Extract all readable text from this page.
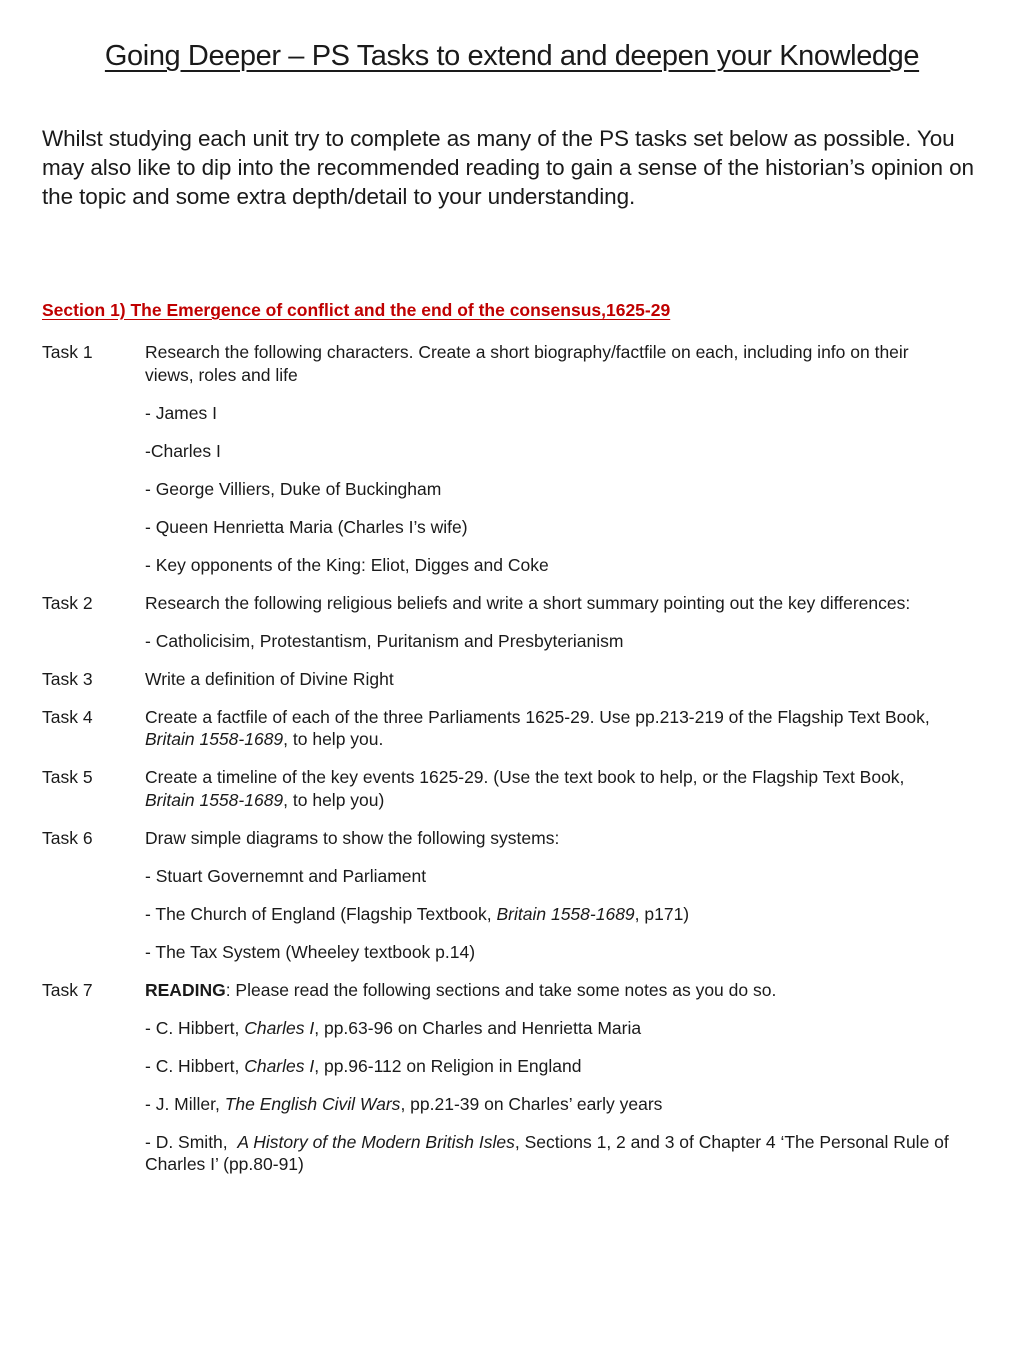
Going Deeper – PS Tasks to extend and deepen your Knowledge

Whilst studying each unit try to complete as many of the PS tasks set below as possible. You may also like to dip into the recommended reading to gain a sense of the historian’s opinion on the topic and some extra depth/detail to your understanding.

Section 1) The Emergence of conflict and the end of the consensus,1625-29
Task 1	Research the following characters. Create a short biography/factfile on each, including info on their views, roles and life

- James I

-Charles I

- George Villiers, Duke of Buckingham

- Queen Henrietta Maria (Charles I’s wife)

- Key opponents of the King: Eliot, Digges and Coke

Task 2	Research the following religious beliefs and write a short summary pointing out the key differences:

- Catholicisim, Protestantism, Puritanism and Presbyterianism

Task 3	Write a definition of Divine Right

Task 4	Create a factfile of each of the three Parliaments 1625-29. Use pp.213-219 of the Flagship Text Book, Britain 1558-1689, to help you.

Task 5	Create a timeline of the key events 1625-29. (Use the text book to help, or the Flagship Text Book, Britain 1558-1689, to help you)

Task 6	Draw simple diagrams to show the following systems:

- Stuart Governemnt and Parliament

- The Church of England (Flagship Textbook, Britain 1558-1689, p171)

- The Tax System (Wheeley textbook p.14)

Task 7	READING: Please read the following sections and take some notes as you do so.

- C. Hibbert, Charles I, pp.63-96 on Charles and Henrietta Maria

- C. Hibbert, Charles I, pp.96-112 on Religion in England

- J. Miller, The English Civil Wars, pp.21-39 on Charles’ early years

- D. Smith,  A History of the Modern British Isles, Sections 1, 2 and 3 of Chapter 4 ‘The Personal Rule of Charles I’ (pp.80-91)
